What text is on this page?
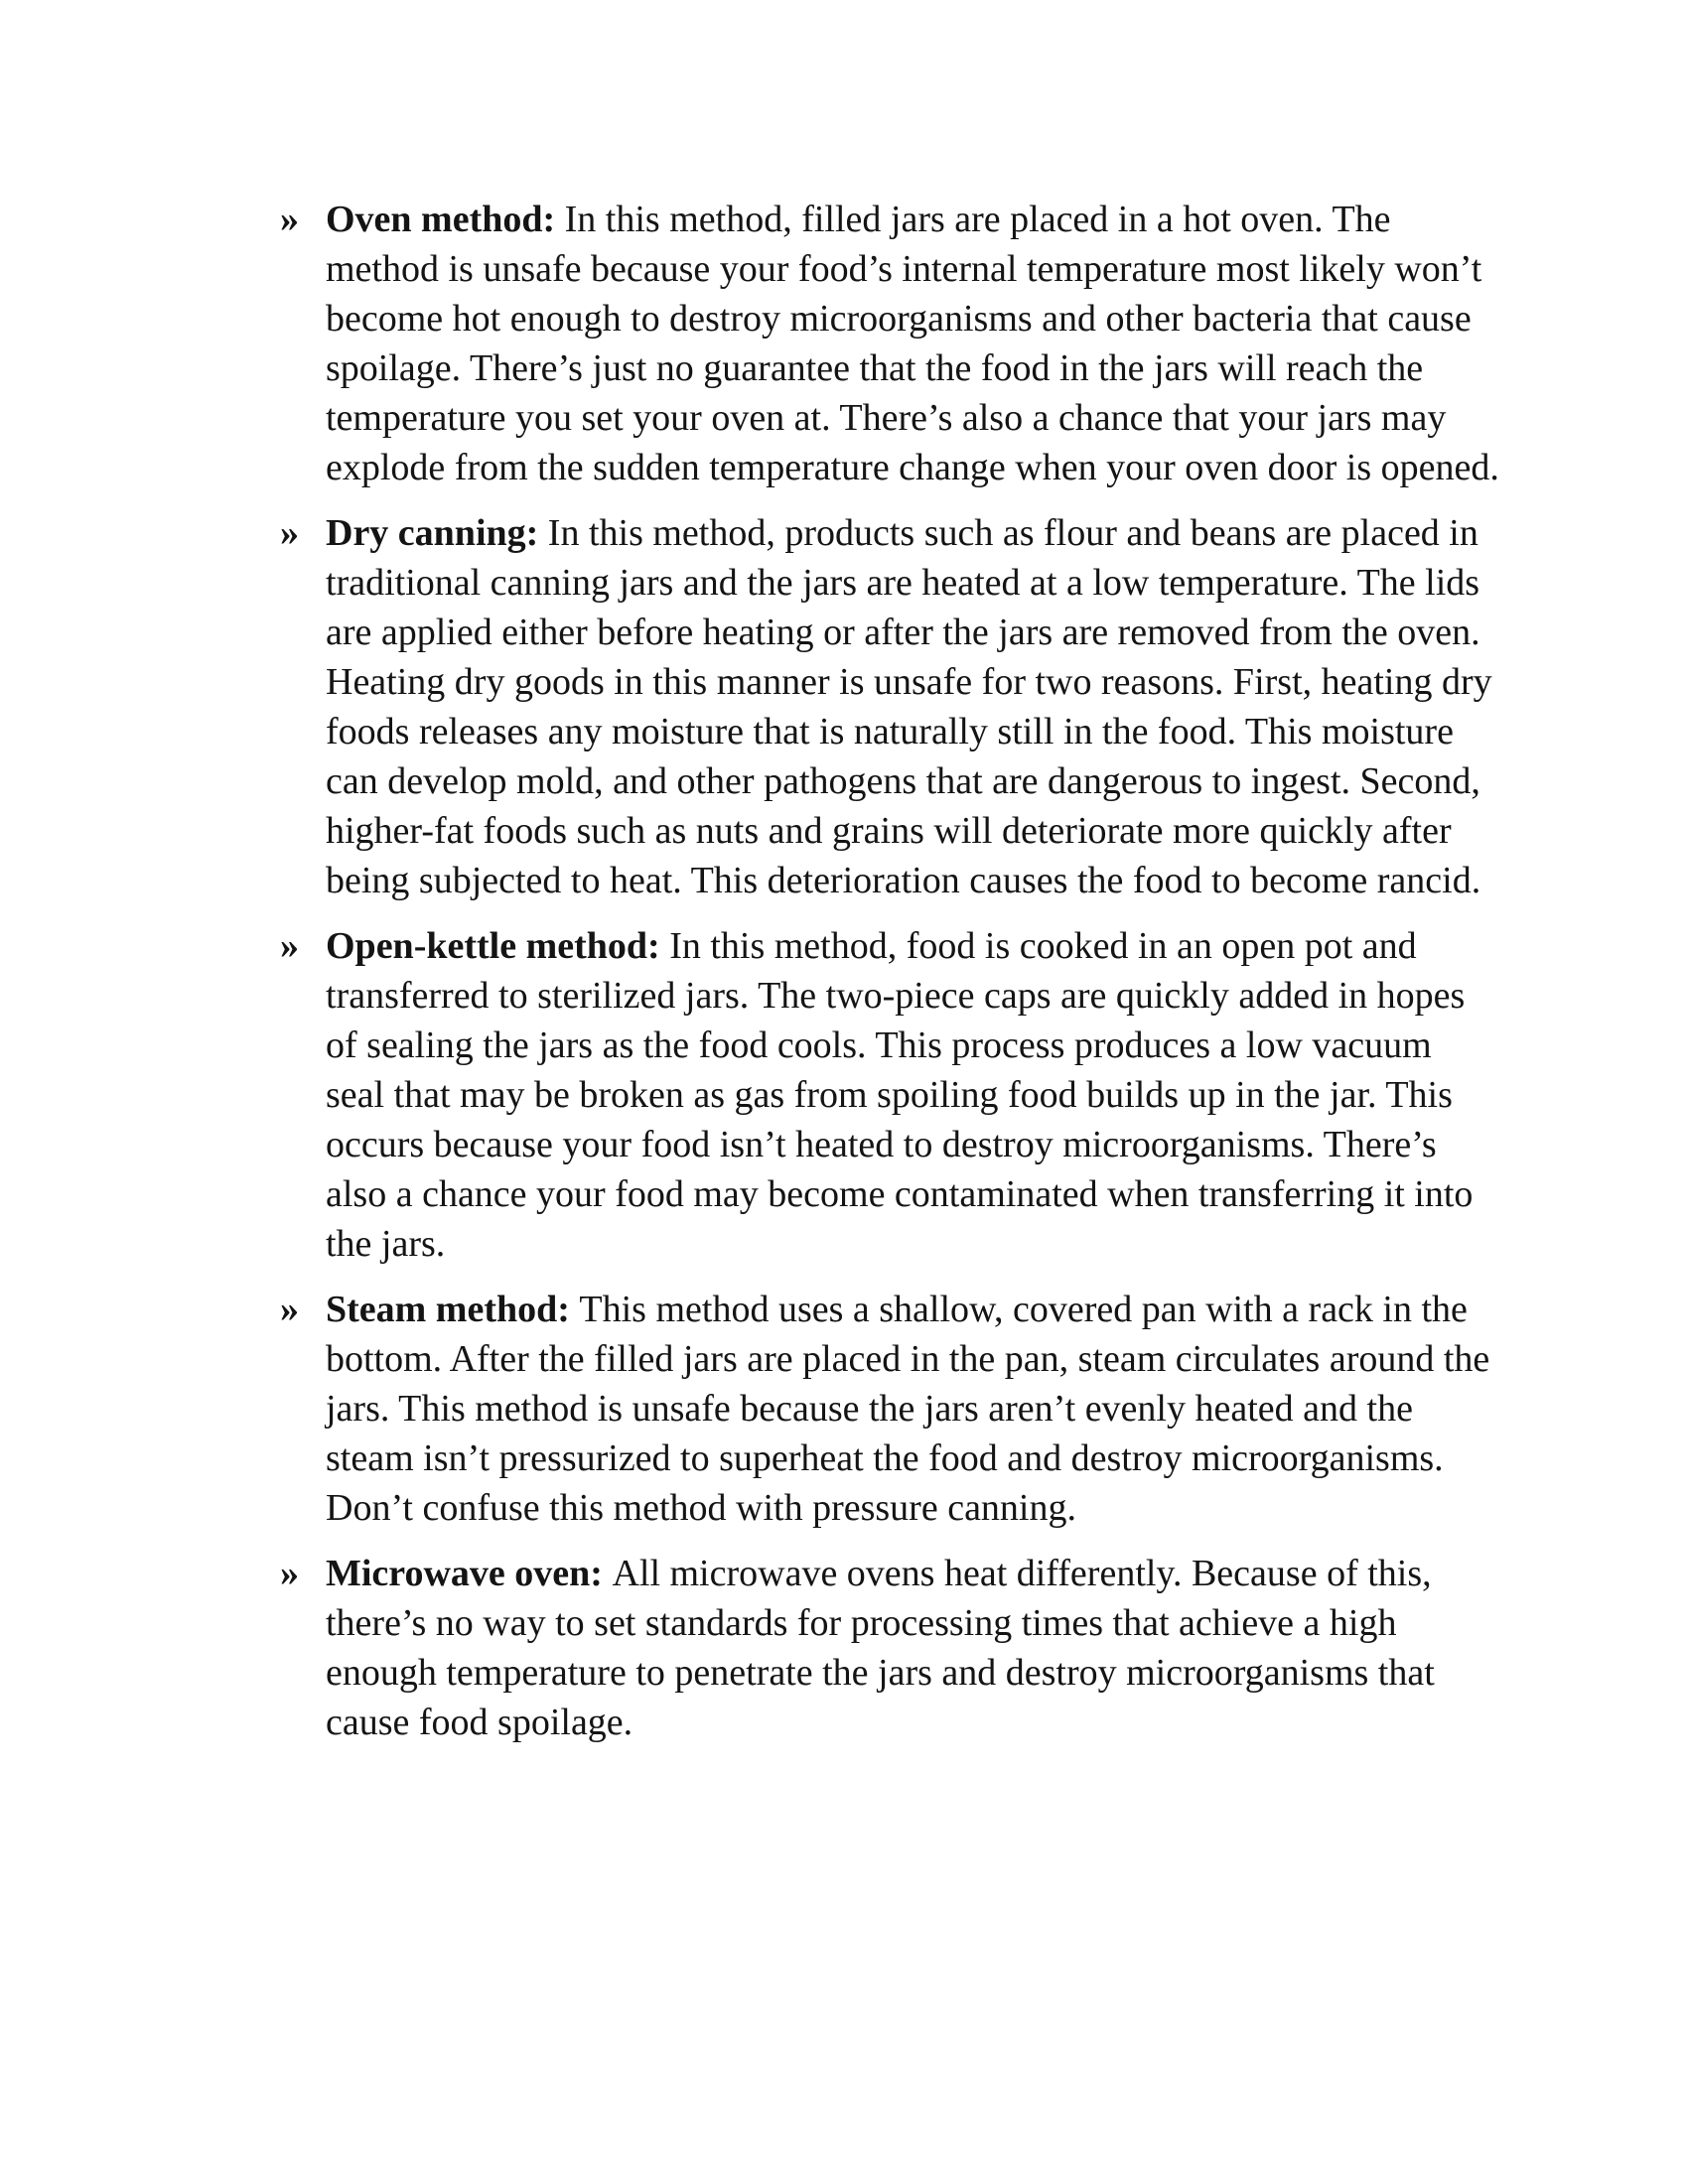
» Oven method: In this method, filled jars are placed in a hot oven. The method is unsafe because your food’s internal temperature most likely won’t become hot enough to destroy microorganisms and other bacteria that cause spoilage. There’s just no guarantee that the food in the jars will reach the temperature you set your oven at. There’s also a chance that your jars may explode from the sudden temperature change when your oven door is opened.
» Dry canning: In this method, products such as flour and beans are placed in traditional canning jars and the jars are heated at a low temperature. The lids are applied either before heating or after the jars are removed from the oven. Heating dry goods in this manner is unsafe for two reasons. First, heating dry foods releases any moisture that is naturally still in the food. This moisture can develop mold, and other pathogens that are dangerous to ingest. Second, higher-fat foods such as nuts and grains will deteriorate more quickly after being subjected to heat. This deterioration causes the food to become rancid.
» Open-kettle method: In this method, food is cooked in an open pot and transferred to sterilized jars. The two-piece caps are quickly added in hopes of sealing the jars as the food cools. This process produces a low vacuum seal that may be broken as gas from spoiling food builds up in the jar. This occurs because your food isn’t heated to destroy microorganisms. There’s also a chance your food may become contaminated when transferring it into the jars.
» Steam method: This method uses a shallow, covered pan with a rack in the bottom. After the filled jars are placed in the pan, steam circulates around the jars. This method is unsafe because the jars aren’t evenly heated and the steam isn’t pressurized to superheat the food and destroy microorganisms. Don’t confuse this method with pressure canning.
» Microwave oven: All microwave ovens heat differently. Because of this, there’s no way to set standards for processing times that achieve a high enough temperature to penetrate the jars and destroy microorganisms that cause food spoilage.
